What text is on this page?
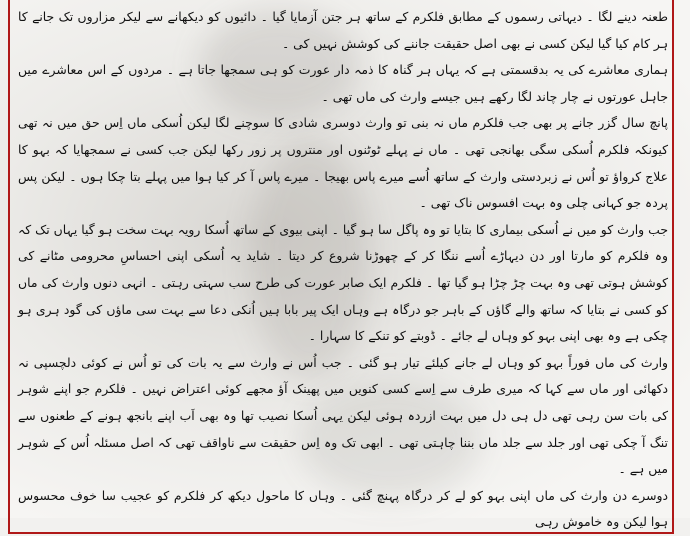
طعنہ دینے لگا ۔ دیہاتی رسموں کے مطابق فلکرم کے ساتھ ہر جتن آزمایا گیا ۔ دائیوں کو دیکھانے سے لیکر مزاروں تک جانے کا ہر کام کیا گیا لیکن کسی نے بھی اصل حقیقت جاننے کی کوشش نہیں کی ۔

ہماری معاشرے کی یہ بدقسمتی ہے کہ یہاں ہر گناہ کا ذمہ دار عورت کو ہی سمجھا جاتا ہے ۔ مردوں کے اس معاشرے میں جاہل عورتوں نے چار چاند لگا رکھے ہیں جیسے وارث کی ماں تھی ۔

پانچ سال گزر جانے پر بھی جب فلکرم ماں نہ بنی تو وارث دوسری شادی کا سوچنے لگا لیکن اُسکی ماں اِس حق میں نہ تھی کیونکہ فلکرم اُسکی سگی بھانجی تھی ۔ ماں نے پہلے ٹوٹنوں اور منتروں پر زور رکھا لیکن جب کسی نے سمجھایا کہ بہو کا علاج کرواؤ تو اُس نے زبردستی وارث کے ساتھ اُسے میرے پاس بھیجا ۔ میرے پاس آ کر کیا ہوا میں پہلے بتا چکا ہوں ۔ لیکن پس پردہ جو کہانی چلی وہ بہت افسوس ناک تھی ۔

جب وارث کو میں نے اُسکی بیماری کا بتایا تو وہ پاگل سا ہو گیا ۔ اپنی بیوی کے ساتھ اُسکا رویہ بہت سخت ہو گیا یہاں تک کہ وہ فلکرم کو مارتا اور دن دیہاڑے اُسے ننگا کر کے چھوڑنا شروع کر دیتا ۔ شاید یہ اُسکی اپنی احساسِ محرومی مٹانے کی کوشش ہوتی تھی وہ بہت چڑ چڑا ہو گیا تھا ۔ فلکرم ایک صابر عورت کی طرح سب سہتی رہتی ۔ انہی دنوں وارث کی ماں کو کسی نے بتایا کہ ساتھ والے گاؤں کے باہر جو درگاہ ہے وہاں ایک پیر بابا ہیں اُنکی دعا سے بہت سی ماؤں کی گود ہری ہو چکی ہے وہ بھی اپنی بہو کو وہاں لے جائے ۔ ڈوبتے کو تنکے کا سہارا ۔

وارث کی ماں فوراً بہو کو وہاں لے جانے کیلئے تیار ہو گئی ۔ جب اُس نے وارث سے یہ بات کی تو اُس نے کوئی دلچسپی نہ دکھائی اور ماں سے کہا کہ میری طرف سے اِسے کسی کنویں میں پھینک آؤ مجھے کوئی اعتراض نہیں ۔ فلکرم جو اپنے شوہر کی بات سن رہی تھی دل ہی دل میں بہت ازردہ ہوئی لیکن یہی اُسکا نصیب تھا وہ بھی اَب اپنے بانجھ ہونے کے طعنوں سے تنگ آ چکی تھی اور جلد سے جلد ماں بننا چاہتی تھی ۔ ابھی تک وہ اِس حقیقت سے ناواقف تھی کہ اصل مسئلہ اُس کے شوہر میں ہے ۔

دوسرے دن وارث کی ماں اپنی بہو کو لے کر درگاہ پہنچ گئی ۔ وہاں کا ماحول دیکھ کر فلکرم کو عجیب سا خوف محسوس ہوا لیکن وہ خاموش رہی
